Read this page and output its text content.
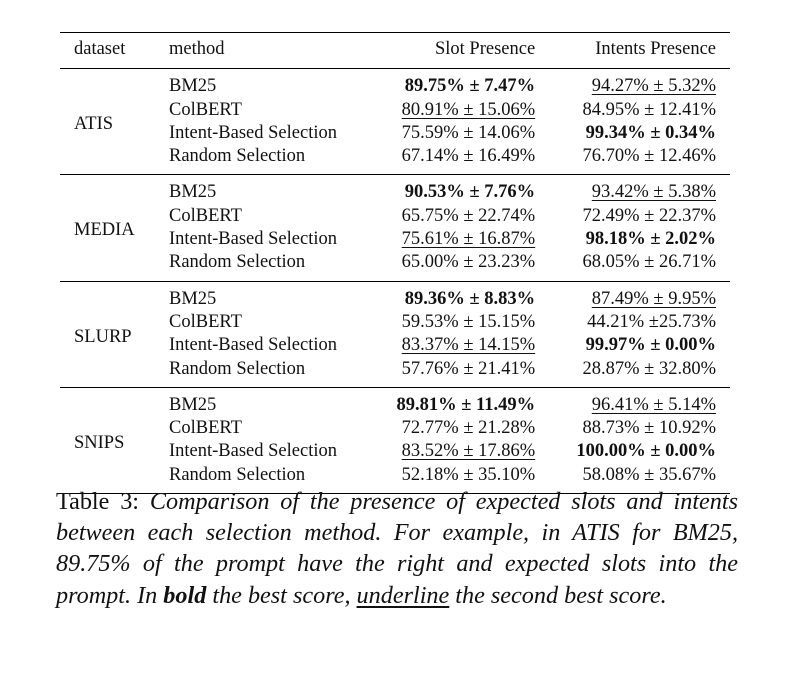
dataset	method	Slot Presence	Intents Presence
ATIS	BM25	89.75% ± 7.47%	94.27% ± 5.32%
	ColBERT	80.91% ± 15.06%	84.95% ± 12.41%
	Intent-Based Selection	75.59% ± 14.06%	99.34% ± 0.34%
	Random Selection	67.14% ± 16.49%	76.70% ± 12.46%
MEDIA	BM25	90.53% ± 7.76%	93.42% ± 5.38%
	ColBERT	65.75% ± 22.74%	72.49% ± 22.37%
	Intent-Based Selection	75.61% ± 16.87%	98.18% ± 2.02%
	Random Selection	65.00% ± 23.23%	68.05% ± 26.71%
SLURP	BM25	89.36% ± 8.83%	87.49% ± 9.95%
	ColBERT	59.53% ± 15.15%	44.21% ±25.73%
	Intent-Based Selection	83.37% ± 14.15%	99.97% ± 0.00%
	Random Selection	57.76% ± 21.41%	28.87% ± 32.80%
SNIPS	BM25	89.81% ± 11.49%	96.41% ± 5.14%
	ColBERT	72.77% ± 21.28%	88.73% ± 10.92%
	Intent-Based Selection	83.52% ± 17.86%	100.00% ± 0.00%
	Random Selection	52.18% ± 35.10%	58.08% ± 35.67%

Table 3: Comparison of the presence of expected slots and intents between each selection method. For example, in ATIS for BM25, 89.75% of the prompt have the right and expected slots into the prompt. In bold the best score, underline the second best score.
